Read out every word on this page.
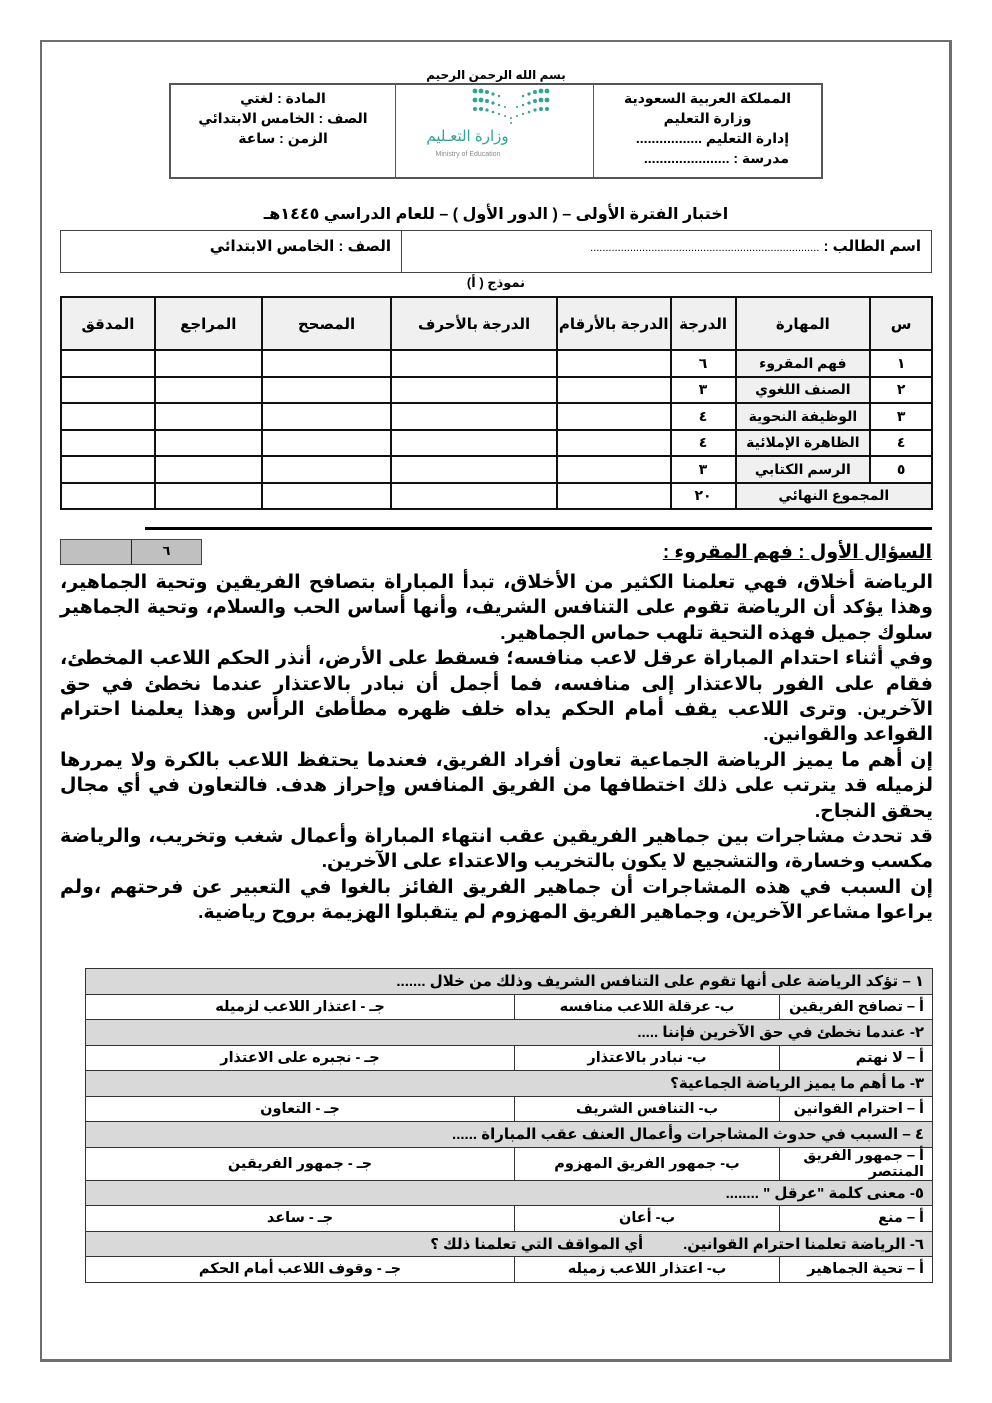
بسم الله الرحمن الرحيم
المملكة العربية السعودية
وزارة التعليم
إدارة التعليم .................
مدرسة : ......................
وزارة التعـليم
Ministry of Education
المادة : لغتي
الصف : الخامس الابتدائي
الزمن : ساعة
اختبار الفترة الأولى – ( الدور الأول ) – للعام الدراسي ١٤٤٥هـ
اسم الطالب : ...........................................................................
الصف : الخامس الابتدائي
نموذج ( أ)
س	المهارة	الدرجة	الدرجة بالأرقام	الدرجة بالأحرف	المصحح	المراجع	المدقق
١	فهم المقروء	٦					
٢	الصنف اللغوي	٣					
٣	الوظيفة النحوية	٤					
٤	الظاهرة الإملائية	٤					
٥	الرسم الكتابي	٣					
المجموع النهائي		٢٠					
٦	السؤال الأول : فهم المقروء :

الرياضة أخلاق، فهي تعلمنا الكثير من الأخلاق، تبدأ المباراة بتصافح الفريقين وتحية الجماهير، وهذا يؤكد أن الرياضة تقوم على التنافس الشريف، وأنها أساس الحب والسلام، وتحية الجماهير سلوك جميل فهذه التحية تلهب حماس الجماهير.

وفي أثناء احتدام المباراة عرقل لاعب منافسه؛ فسقط على الأرض، أنذر الحكم اللاعب المخطئ، فقام على الفور بالاعتذار إلى منافسه، فما أجمل أن نبادر بالاعتذار عندما نخطئ في حق الآخرين. وترى اللاعب يقف أمام الحكم يداه خلف ظهره مطأطئ الرأس وهذا يعلمنا احترام القواعد والقوانين.

إن أهم ما يميز الرياضة الجماعية تعاون أفراد الفريق، فعندما يحتفظ اللاعب بالكرة ولا يمررها لزميله قد يترتب على ذلك اختطافها من الفريق المنافس وإحراز هدف. فالتعاون في أي مجال يحقق النجاح.

قد تحدث مشاجرات بين جماهير الفريقين عقب انتهاء المباراة وأعمال شغب وتخريب، والرياضة مكسب وخسارة، والتشجيع لا يكون بالتخريب والاعتداء على الآخرين.

إن السبب في هذه المشاجرات أن جماهير الفريق الفائز بالغوا في التعبير عن فرحتهم ،ولم يراعوا مشاعر الآخرين، وجماهير الفريق المهزوم لم يتقبلوا الهزيمة بروح رياضية.

١ – تؤكد الرياضة على أنها تقوم على التنافس الشريف وذلك من خلال .......		
أ – تصافح الفريقين	ب- عرقلة اللاعب منافسه	جـ - اعتذار اللاعب لزميله
٢- عندما نخطئ في حق الآخرين فإننا .....		
أ – لا نهتم	ب- نبادر بالاعتذار	جـ - نجبره على الاعتذار
٣- ما أهم ما يميز الرياضة الجماعية؟		
أ – احترام القوانين	ب- التنافس الشريف	جـ - التعاون
٤ – السبب في حدوث المشاجرات وأعمال العنف عقب المباراة ......		
أ – جمهور الفريق المنتصر	ب- جمهور الفريق المهزوم	جـ - جمهور الفريقين
٥- معنى كلمة "عرقل " ........		
أ – منع	ب- أعان	جـ - ساعد
٦- الرياضة تعلمنا احترام القوانين.أي المواقف التي تعلمنا ذلك ؟		
أ – تحية الجماهير	ب- اعتذار اللاعب زميله	جـ - وقوف اللاعب أمام الحكم
